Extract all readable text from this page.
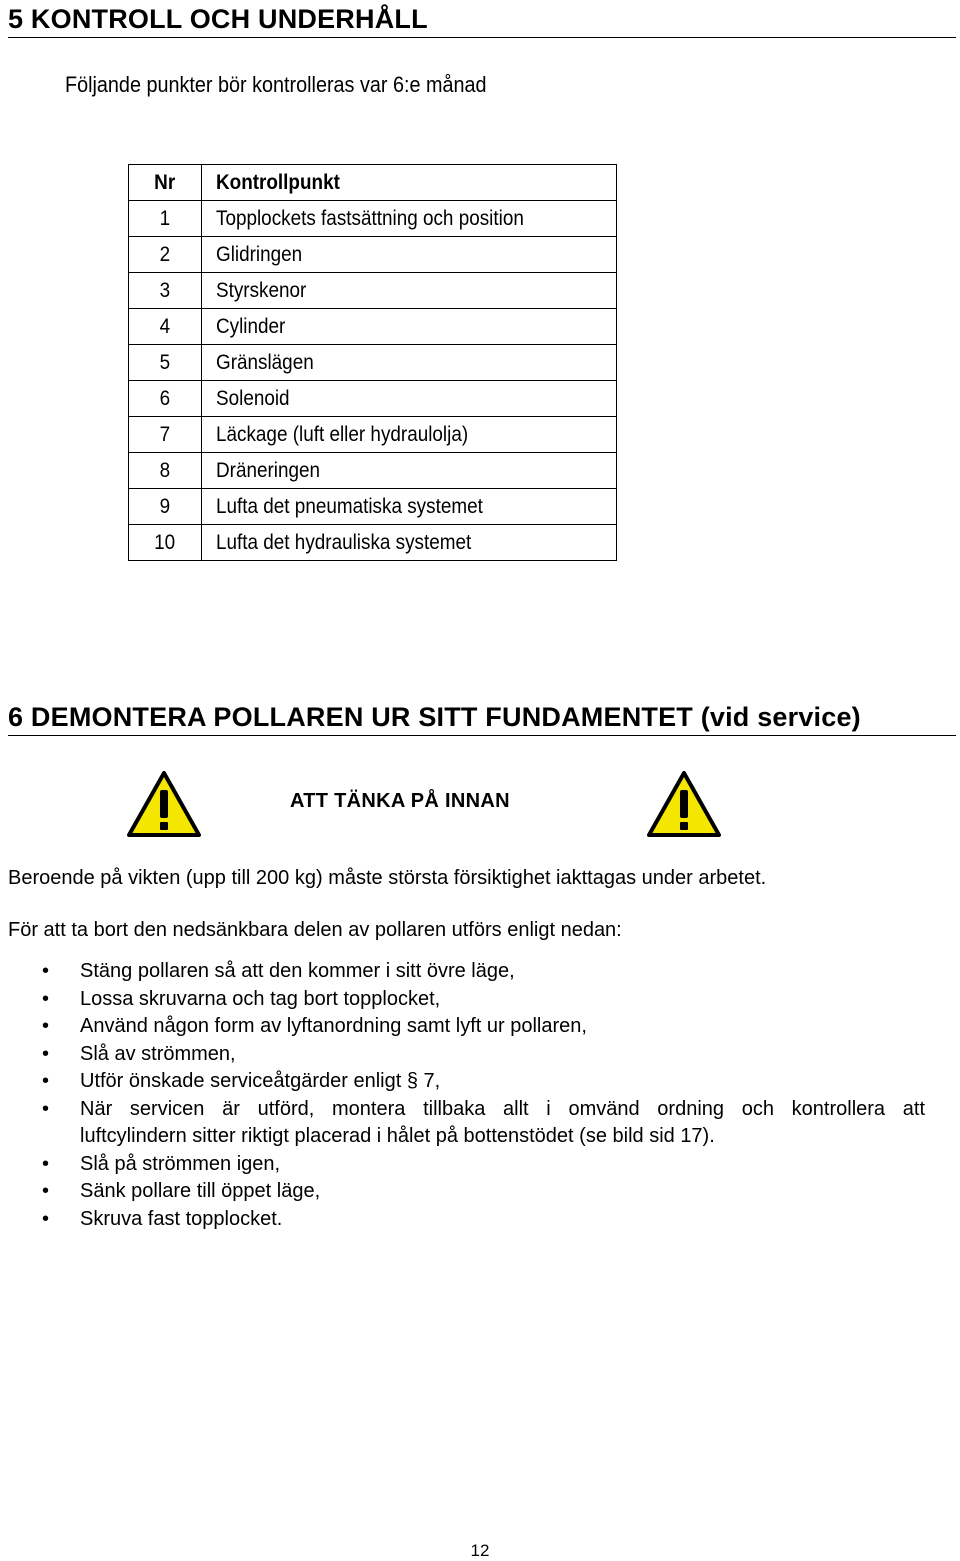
5 KONTROLL OCH UNDERHÅLL
Följande punkter bör kontrolleras var 6:e månad
Nr	Kontrollpunkt
1	Topplockets fastsättning och position
2	Glidringen
3	Styrskenor
4	Cylinder
5	Gränslägen
6	Solenoid
7	Läckage (luft eller hydraulolja)
8	Dräneringen
9	Lufta det pneumatiska systemet
10	Lufta det hydrauliska systemet
6 DEMONTERA POLLAREN UR SITT FUNDAMENTET (vid service)
ATT TÄNKA PÅ INNAN
Beroende på vikten (upp till 200 kg) måste största försiktighet iakttagas under arbetet.
För att ta bort den nedsänkbara delen av pollaren utförs enligt nedan:
• Stäng pollaren så att den kommer i sitt övre läge,
• Lossa skruvarna och tag bort topplocket,
• Använd någon form av lyftanordning samt lyft ur pollaren,
• Slå av strömmen,
• Utför önskade serviceåtgärder enligt § 7,
• När servicen är utförd, montera tillbaka allt i omvänd ordning och kontrollera att
luftcylindern sitter riktigt placerad i hålet på bottenstödet (se bild sid 17).
• Slå på strömmen igen,
• Sänk pollare till öppet läge,
• Skruva fast topplocket.
12
